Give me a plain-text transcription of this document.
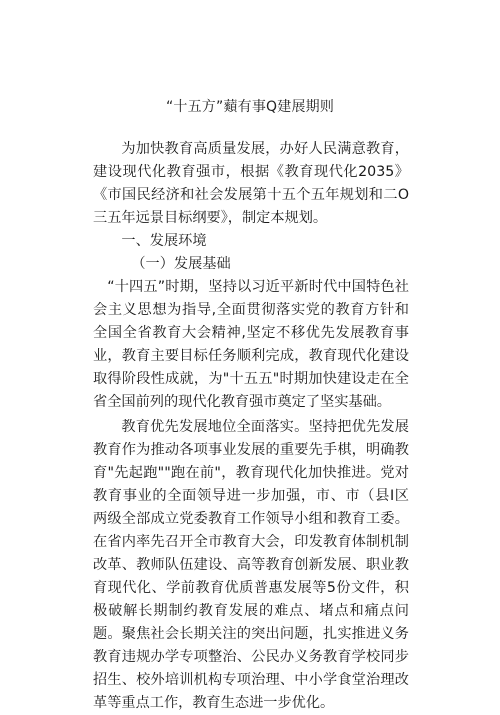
“十五方”蘱有事Q建展期则

为加快教育高质量发展，办好人民满意教育，建设现代化教育强市，根据《教育现代化2035》《市国民经济和社会发展第十五个五年规划和二O三五年远景目标纲要》，制定本规划。

一、发展环境

（一）发展基础

“十四五”时期，坚持以习近平新时代中国特色社会主义思想为指导,全面贯彻落实党的教育方针和全国全省教育大会精神,坚定不移优先发展教育事业，教育主要目标任务顺利完成，教育现代化建设取得阶段性成就，为"十五五"时期加快建设走在全省全国前列的现代化教育强市奠定了坚实基础。

教育优先发展地位全面落实。坚持把优先发展教育作为推动各项事业发展的重要先手棋，明确教育"先起跑""跑在前"，教育现代化加快推进。党对教育事业的全面领导进一步加强，市、市（县Ⅰ区两级全部成立党委教育工作领导小组和教育工委。在省内率先召开全市教育大会，印发教育体制机制改革、教师队伍建设、高等教育创新发展、职业教育现代化、学前教育优质普惠发展等5份文件，积极破解长期制约教育发展的难点、堵点和痛点问题。聚焦社会长期关注的突出问题，扎实推进义务教育违规办学专项整治、公民办义务教育学校同步招生、校外培训机构专项治理、中小学食堂治理改革等重点工作，教育生态进一步优化。
